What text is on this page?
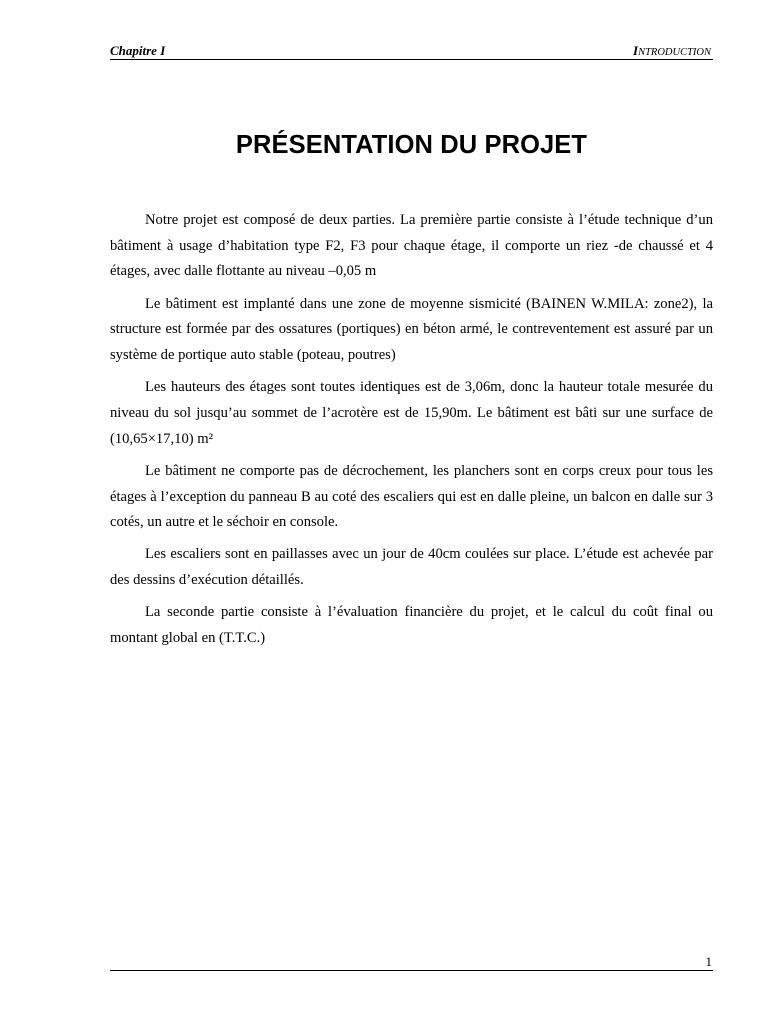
Chapitre I	INTRODUCTION
PRÉSENTATION DU PROJET

Notre projet est composé de deux parties. La première partie consiste à l’étude technique d’un bâtiment à usage d’habitation type F2, F3 pour chaque étage, il comporte un riez -de chaussé et 4 étages, avec dalle flottante au niveau –0,05 m

Le bâtiment est implanté dans une zone de moyenne sismicité (BAINEN W.MILA: zone2), la structure est formée par des ossatures (portiques) en béton armé, le contreventement est assuré par un système de portique auto stable (poteau, poutres)

Les hauteurs des étages sont toutes identiques est de 3,06m, donc la hauteur totale mesurée du niveau du sol jusqu’au sommet de l’acrotère est de 15,90m. Le bâtiment est bâti sur une surface de (10,65×17,10) m²

Le bâtiment ne comporte pas de décrochement, les planchers sont en corps creux pour tous les étages à l’exception du panneau B au coté des escaliers qui est en dalle pleine, un balcon en dalle sur 3 cotés, un autre et le séchoir en console.

Les escaliers sont en paillasses avec un jour de 40cm coulées sur place. L’étude est achevée par des dessins d’exécution détaillés.

La seconde partie consiste à l’évaluation financière du projet, et le calcul du coût final ou montant global en (T.T.C.)

1
